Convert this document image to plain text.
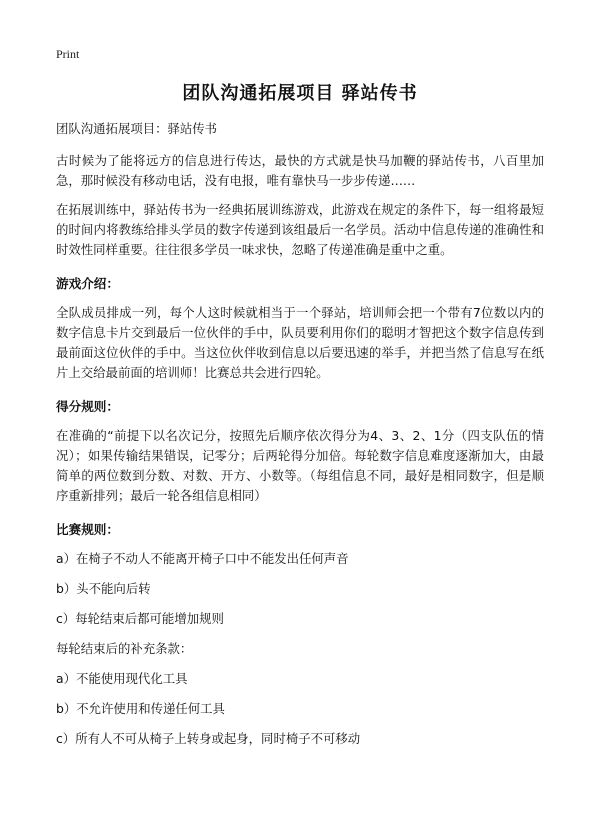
Print
团队沟通拓展项目 驿站传书

团队沟通拓展项目：驿站传书

古时候为了能将远方的信息进行传达，最快的方式就是快马加鞭的驿站传书，八百里加急，那时候没有移动电话，没有电报，唯有靠快马一步步传递……

在拓展训练中，驿站传书为一经典拓展训练游戏，此游戏在规定的条件下，每一组将最短的时间内将教练给排头学员的数字传递到该组最后一名学员。活动中信息传递的准确性和时效性同样重要。往往很多学员一味求快，忽略了传递准确是重中之重。

游戏介绍：

全队成员排成一列，每个人这时候就相当于一个驿站，培训师会把一个带有7位数以内的数字信息卡片交到最后一位伙伴的手中，队员要利用你们的聪明才智把这个数字信息传到最前面这位伙伴的手中。当这位伙伴收到信息以后要迅速的举手，并把当然了信息写在纸片上交给最前面的培训师！比赛总共会进行四轮。

得分规则：

在准确的“前提下以名次记分，按照先后顺序依次得分为4、3、2、1分（四支队伍的情况）；如果传输结果错误，记零分；后两轮得分加倍。每轮数字信息难度逐渐加大，由最简单的两位数到分数、对数、开方、小数等。（每组信息不同，最好是相同数字，但是顺序重新排列；最后一轮各组信息相同）

比赛规则：
a）在椅子不动人不能离开椅子口中不能发出任何声音
b）头不能向后转
c）每轮结束后都可能增加规则
每轮结束后的补充条款：
a）不能使用现代化工具
b）不允许使用和传递任何工具
c）所有人不可从椅子上转身或起身，同时椅子不可移动
